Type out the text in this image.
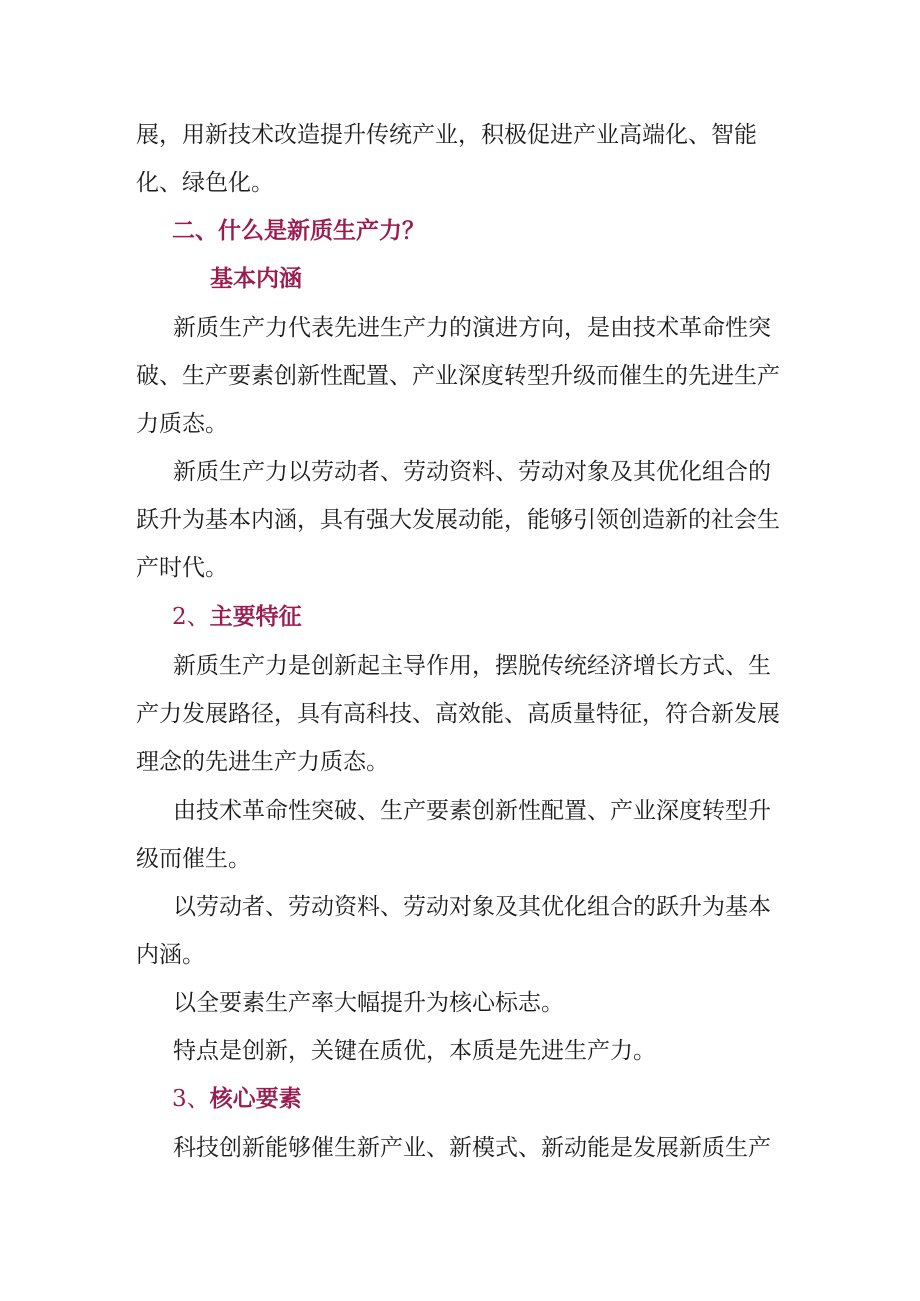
展，用新技术改造提升传统产业，积极促进产业高端化、智能化、绿色化。

二、什么是新质生产力？

基本内涵

新质生产力代表先进生产力的演进方向，是由技术革命性突破、生产要素创新性配置、产业深度转型升级而催生的先进生产力质态。

新质生产力以劳动者、劳动资料、劳动对象及其优化组合的跃升为基本内涵，具有强大发展动能，能够引领创造新的社会生产时代。

2、主要特征

新质生产力是创新起主导作用，摆脱传统经济增长方式、生产力发展路径，具有高科技、高效能、高质量特征，符合新发展理念的先进生产力质态。

由技术革命性突破、生产要素创新性配置、产业深度转型升级而催生。

以劳动者、劳动资料、劳动对象及其优化组合的跃升为基本内涵。

以全要素生产率大幅提升为核心标志。

特点是创新，关键在质优，本质是先进生产力。

3、核心要素

科技创新能够催生新产业、新模式、新动能是发展新质生产
